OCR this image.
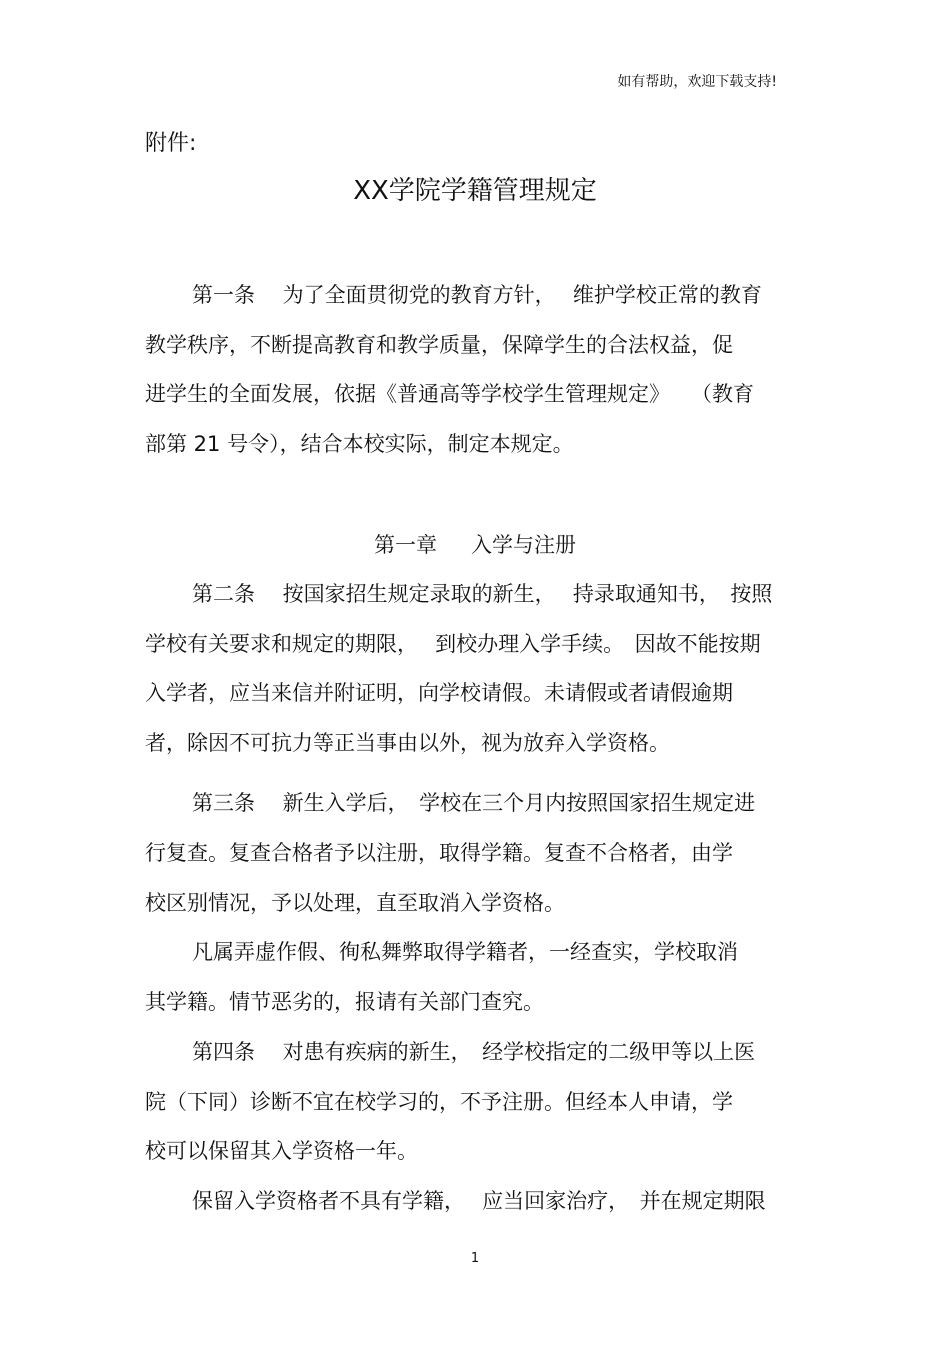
如有帮助，欢迎下载支持!
附件:
XX学院学籍管理规定
第一条　 为了全面贯彻党的教育方针，　 维护学校正常的教育
教学秩序，不断提高教育和教学质量，保障学生的合法权益，促
进学生的全面发展，依据《普通高等学校学生管理规定》　　（教育
部第 21 号令），结合本校实际，制定本规定。
第一章 入学与注册
第二条　 按国家招生规定录取的新生，　 持录取通知书，　按照
学校有关要求和规定的期限，　 到校办理入学手续。　因故不能按期
入学者，应当来信并附证明，向学校请假。未请假或者请假逾期
者，除因不可抗力等正当事由以外，视为放弃入学资格。
第三条　 新生入学后，　学校在三个月内按照国家招生规定进
行复查。复查合格者予以注册，取得学籍。复查不合格者，由学
校区别情况，予以处理，直至取消入学资格。
凡属弄虚作假、徇私舞弊取得学籍者，一经查实，学校取消
其学籍。情节恶劣的，报请有关部门查究。
第四条　 对患有疾病的新生，　经学校指定的二级甲等以上医
院（下同）诊断不宜在校学习的，不予注册。但经本人申请，学
校可以保留其入学资格一年。
保留入学资格者不具有学籍，　 应当回家治疗，　并在规定期限
1
